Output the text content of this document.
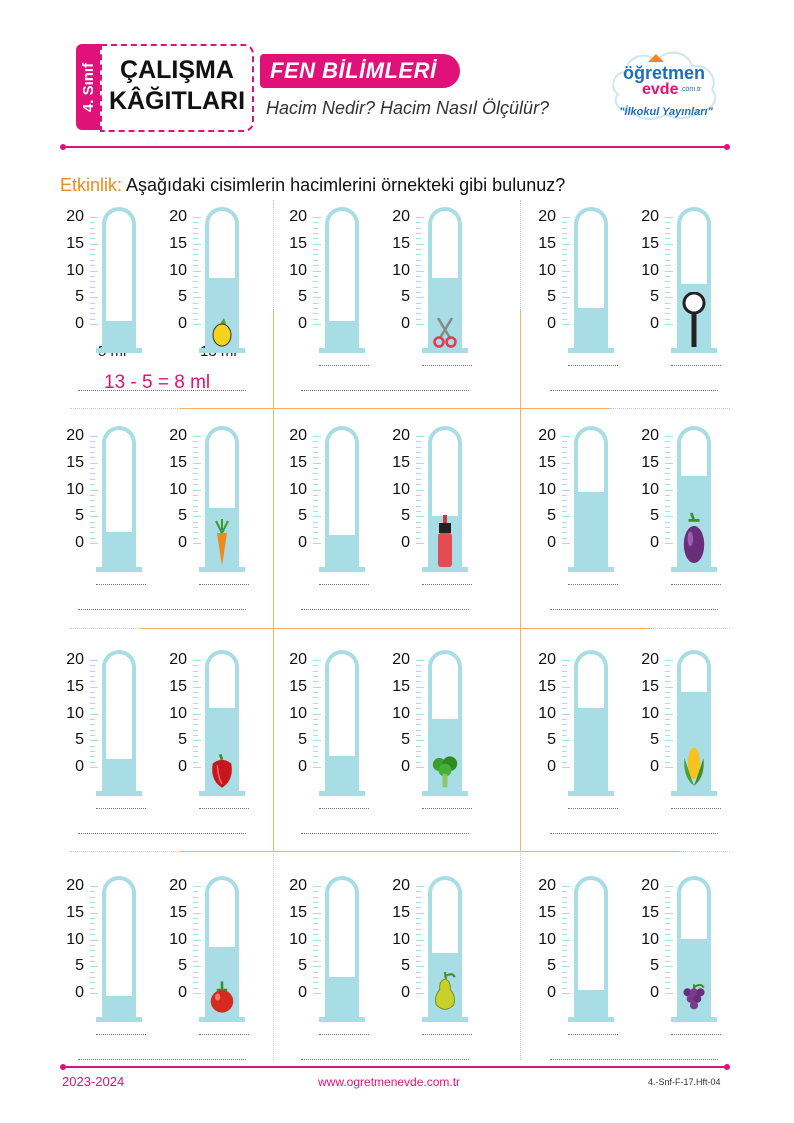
4. Sınıf ÇALIŞMA
KÂĞITLARI
FEN BİLİMLERİ
Hacim Nedir? Hacim Nasıl Ölçülür?
öğretmen
evde .com.tr
"İlkokul Yayınları"
Etkinlik: Aşağıdaki cisimlerin hacimlerini örnekteki gibi bulunuz?
13 - 5 = 8 ml
20
15
10
5
0
20
15
10
5
0
20
15
10
5
0
20
15
10
5
0
20
15
10
5
0
20
15
10
5
0
20
15
10
5
0
20
15
10
5
0
20
15
10
5
0
20
15
10
5
0
20
15
10
5
0
20
15
10
5
0
20
15
10
5
0
20
15
10
5
0
20
15
10
5
0
20
15
10
5
0
20
15
10
5
0
20
15
10
5
0
20
15
10
5
0
20
15
10
5
0
20
15
10
5
0
20
15
10
5
0
20
15
10
5
0
20
15
10
5
0
2023-2024	www.ogretmenevde.com.tr	4.-Snf-F-17.Hft-04
